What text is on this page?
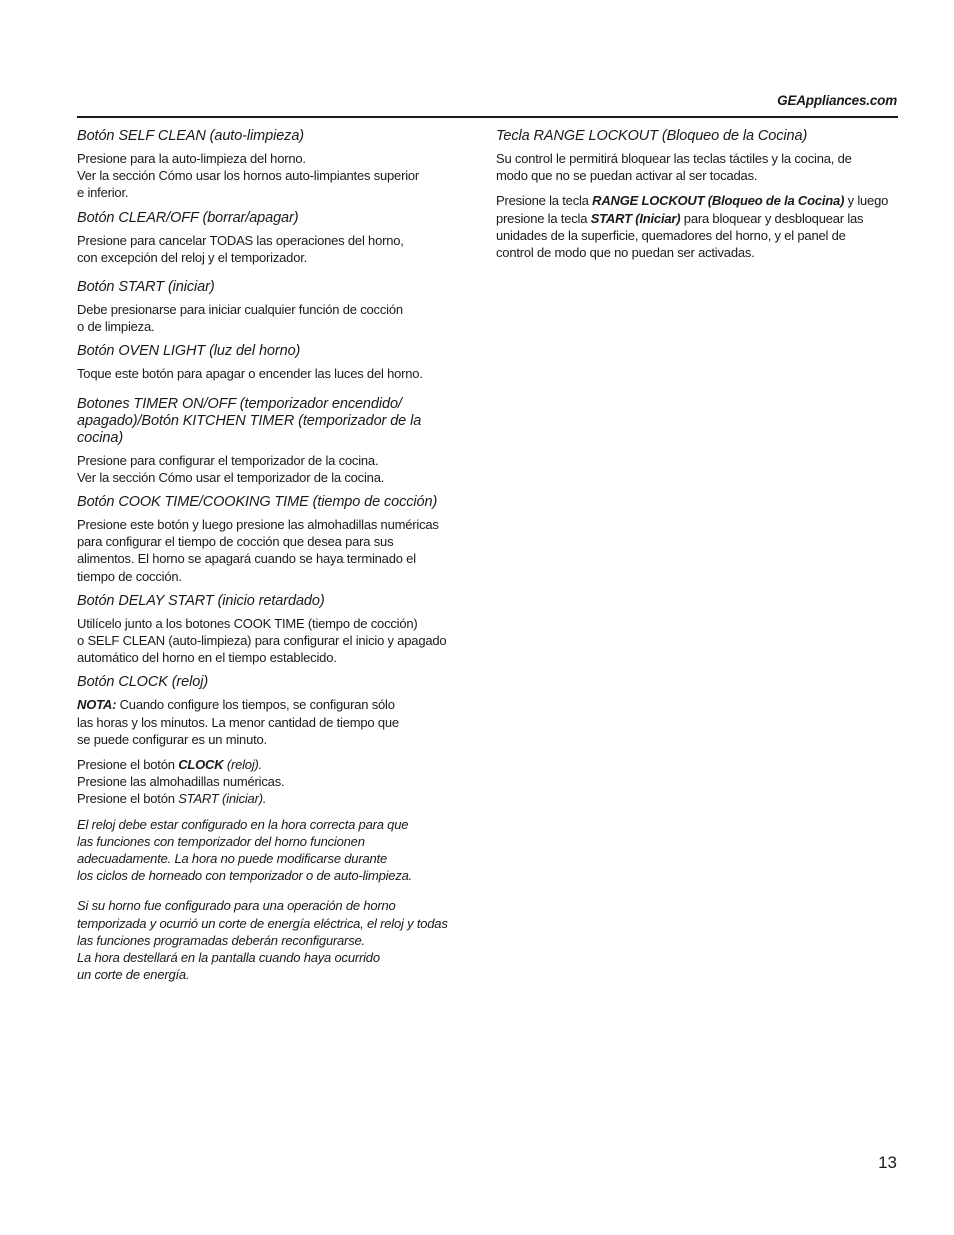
GEAppliances.com
Botón SELF CLEAN (auto-limpieza)
Presione para la auto-limpieza del horno.
Ver la sección Cómo usar los hornos auto-limpiantes superior
e inferior.
Botón CLEAR/OFF (borrar/apagar)
Presione para cancelar TODAS las operaciones del horno,
con excepción del reloj y el temporizador.
Botón START (iniciar)
Debe presionarse para iniciar cualquier función de cocción
o de limpieza.
Botón OVEN LIGHT (luz del horno)
Toque este botón para apagar o encender las luces del horno.
Botones TIMER ON/OFF (temporizador encendido/
apagado)/Botón KITCHEN TIMER (temporizador de la
cocina)
Presione para configurar el temporizador de la cocina.
Ver la sección Cómo usar el temporizador de la cocina.
Botón COOK TIME/COOKING TIME (tiempo de cocción)
Presione este botón y luego presione las almohadillas numéricas
para configurar el tiempo de cocción que desea para sus
alimentos. El horno se apagará cuando se haya terminado el
tiempo de cocción.
Botón DELAY START (inicio retardado)
Utilícelo junto a los botones COOK TIME (tiempo de cocción)
o SELF CLEAN (auto-limpieza) para configurar el inicio y apagado
automático del horno en el tiempo establecido.
Botón CLOCK (reloj)
NOTA: Cuando configure los tiempos, se configuran sólo
las horas y los minutos. La menor cantidad de tiempo que
se puede configurar es un minuto.
Presione el botón CLOCK (reloj).
Presione las almohadillas numéricas.
Presione el botón START (iniciar).
El reloj debe estar configurado en la hora correcta para que
las funciones con temporizador del horno funcionen
adecuadamente. La hora no puede modificarse durante
los ciclos de horneado con temporizador o de auto-limpieza.
Si su horno fue configurado para una operación de horno
temporizada y ocurrió un corte de energía eléctrica, el reloj y todas
las funciones programadas deberán reconfigurarse.
La hora destellará en la pantalla cuando haya ocurrido
un corte de energía.
Tecla RANGE LOCKOUT (Bloqueo de la Cocina)
Su control le permitirá bloquear las teclas táctiles y la cocina, de
modo que no se puedan activar al ser tocadas.
Presione la tecla RANGE LOCKOUT (Bloqueo de la Cocina) y luego
presione la tecla START (Iniciar) para bloquear y desbloquear las
unidades de la superficie, quemadores del horno, y el panel de
control de modo que no puedan ser activadas.
13
